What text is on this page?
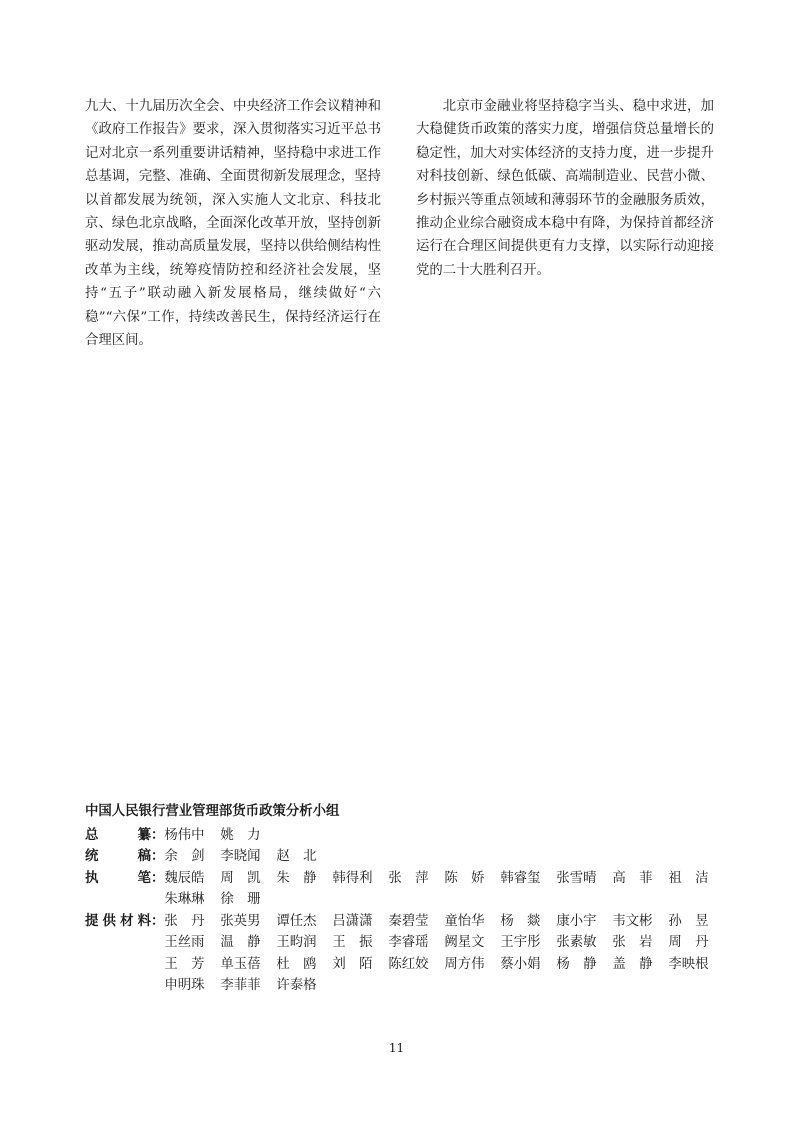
九大、十九届历次全会、中央经济工作会议精神和《政府工作报告》要求，深入贯彻落实习近平总书记对北京一系列重要讲话精神，坚持稳中求进工作总基调，完整、准确、全面贯彻新发展理念，坚持以首都发展为统领，深入实施人文北京、科技北京、绿色北京战略，全面深化改革开放，坚持创新驱动发展，推动高质量发展，坚持以供给侧结构性改革为主线，统筹疫情防控和经济社会发展，坚持“五子”联动融入新发展格局，继续做好“六稳”“六保”工作，持续改善民生，保持经济运行在合理区间。

北京市金融业将坚持稳字当头、稳中求进，加大稳健货币政策的落实力度，增强信贷总量增长的稳定性，加大对实体经济的支持力度，进一步提升对科技创新、绿色低碳、高端制造业、民营小微、乡村振兴等重点领域和薄弱环节的金融服务质效，推动企业综合融资成本稳中有降，为保持首都经济运行在合理区间提供更有力支撑，以实际行动迎接党的二十大胜利召开。

中国人民银行营业管理部货币政策分析小组
总　　纂 ： 杨伟中	姚　力
统　　稿 ： 余　剑	李晓闻	赵　北
执　　笔 ： 魏辰皓	周　凯	朱　静	韩得利	张　萍	陈　娇	韩睿玺	张雪晴	高　菲	祖　洁
朱琳琳	徐　珊
提供材料 ： 张　丹	张英男	谭任杰	吕潇潇	秦碧莹	童怡华	杨　燚	康小宇	韦文彬	孙　昱
王丝雨	温　静	王畇润	王　振	李睿瑶	阙星文	王宇彤	张素敏	张　岩	周　丹
王　芳	单玉蓓	杜　鸥	刘　陌	陈红姣	周方伟	蔡小娟	杨　静	盖　静	李映根
申明珠	李菲菲	许泰格
11
